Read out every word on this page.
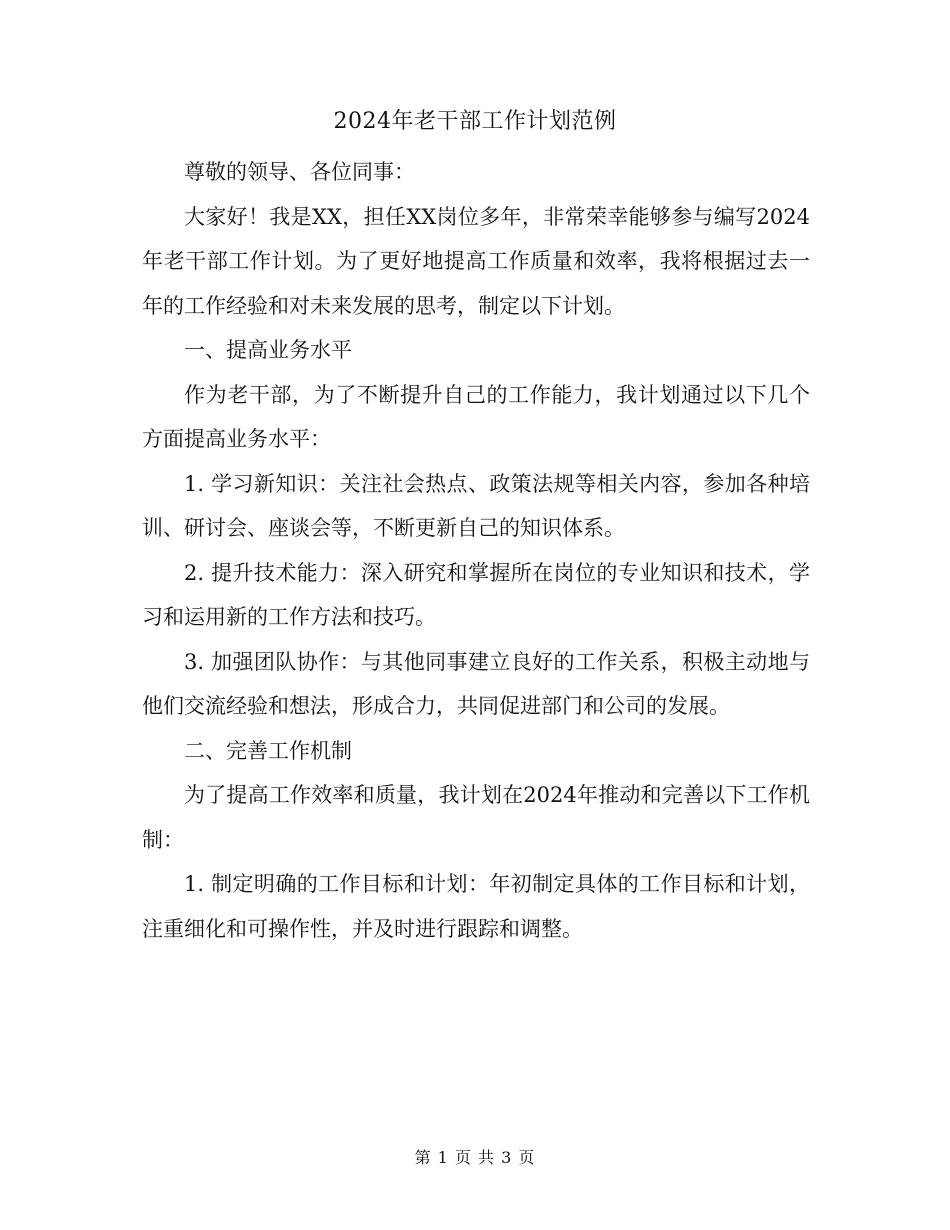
2024年老干部工作计划范例

尊敬的领导、各位同事：

大家好！我是XX，担任XX岗位多年，非常荣幸能够参与编写2024年老干部工作计划。为了更好地提高工作质量和效率，我将根据过去一年的工作经验和对未来发展的思考，制定以下计划。

一、提高业务水平

作为老干部，为了不断提升自己的工作能力，我计划通过以下几个方面提高业务水平：

1. 学习新知识：关注社会热点、政策法规等相关内容，参加各种培训、研讨会、座谈会等，不断更新自己的知识体系。

2. 提升技术能力：深入研究和掌握所在岗位的专业知识和技术，学习和运用新的工作方法和技巧。

3. 加强团队协作：与其他同事建立良好的工作关系，积极主动地与他们交流经验和想法，形成合力，共同促进部门和公司的发展。

二、完善工作机制

为了提高工作效率和质量，我计划在2024年推动和完善以下工作机制：

1. 制定明确的工作目标和计划：年初制定具体的工作目标和计划，注重细化和可操作性，并及时进行跟踪和调整。

第 1 页 共 3 页
